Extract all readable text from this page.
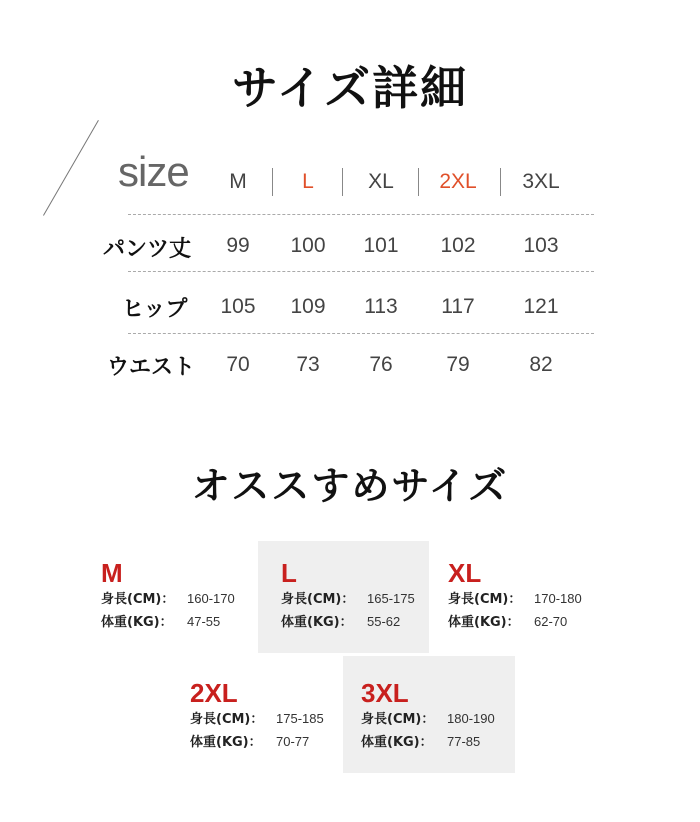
サイズ詳細
size M	L	XL 2XL 3XL
パンツ丈 99 100 101 102 103
ヒップ 105 109 113 117 121
ウエスト 70 73 76	79	82
オススすめサイズ
M
身長(CM)： 160-170
体重(KG)： 47-55
L
身長(CM)： 165-175
体重(KG)： 55-62
XL
身長(CM)： 170-180
体重(KG)： 62-70
2XL
身長(CM)： 175-185
体重(KG)： 70-77
3XL
身長(CM)： 180-190
体重(KG)： 77-85
